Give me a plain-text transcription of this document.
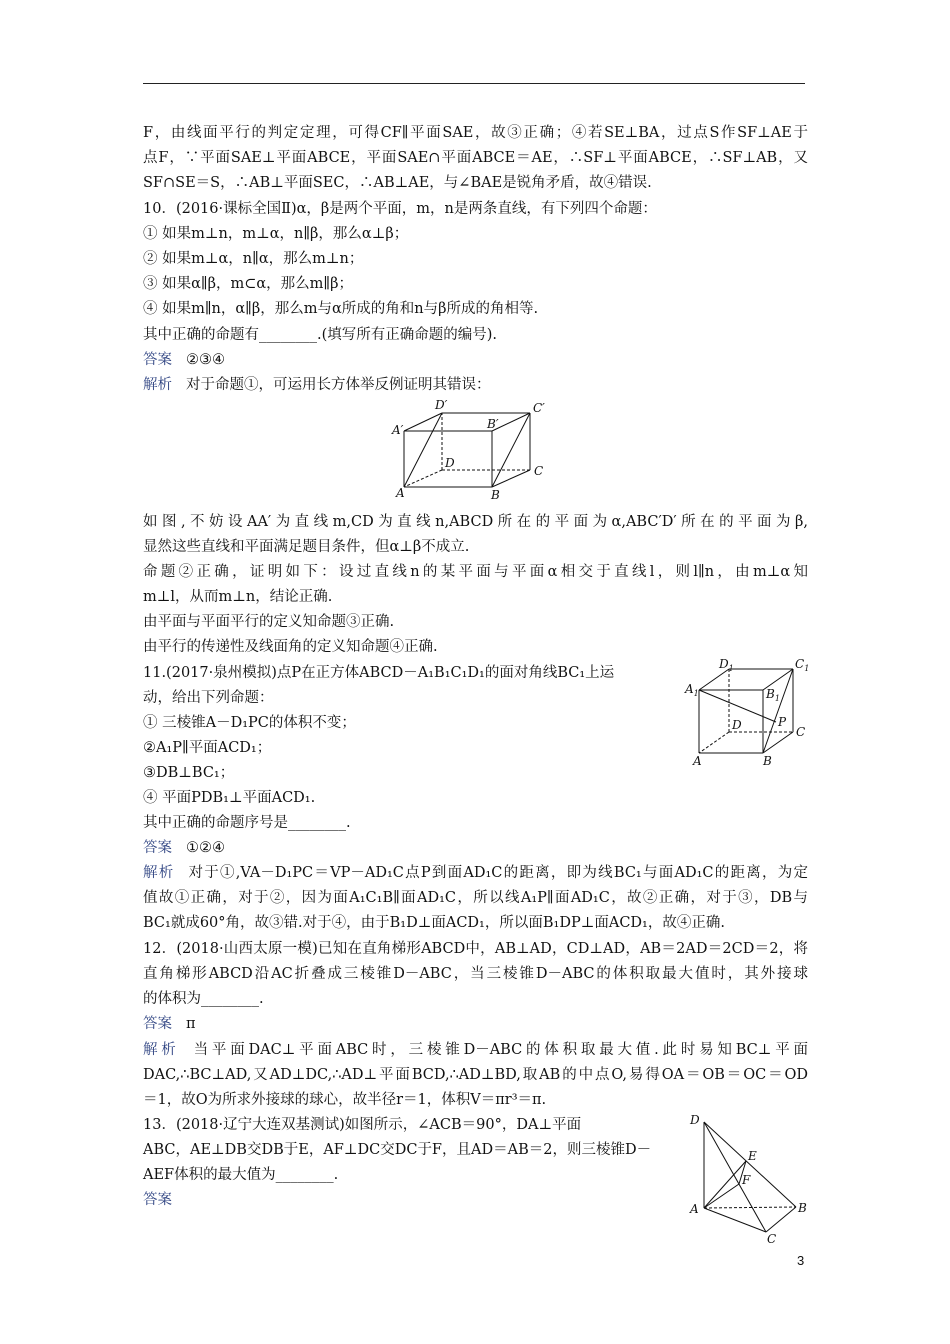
F，由线面平行的判定定理，可得CF∥平面SAE，故③正确；④若SE⊥BA，过点S作SF⊥AE于
点F，∵平面SAE⊥平面ABCE，平面SAE∩平面ABCE＝AE，∴SF⊥平面ABCE，∴SF⊥AB，又
SF∩SE＝S，∴AB⊥平面SEC，∴AB⊥AE，与∠BAE是锐角矛盾，故④错误.
10．(2016·课标全国Ⅱ)α，β是两个平面，m，n是两条直线，有下列四个命题：
① 如果m⊥n，m⊥α，n∥β，那么α⊥β；
② 如果m⊥α，n∥α，那么m⊥n；
③ 如果α∥β，m⊂α，那么m∥β；
④ 如果m∥n，α∥β，那么m与α所成的角和n与β所成的角相等.
其中正确的命题有________.(填写所有正确命题的编号).
答案 ②③④
解析 对于命题①，可运用长方体举反例证明其错误：
A′
D′	C′
B′
D
A	B
C
如图,不妨设AA′为直线m,CD为直线n,ABCD所在的平面为α,ABC′D′所在的平面为β,
显然这些直线和平面满足题目条件，但α⊥β不成立.
命题②正确，证明如下：设过直线n的某平面与平面α相交于直线l，则l∥n，由m⊥α知
m⊥l，从而m⊥n，结论正确.
由平面与平面平行的定义知命题③正确.
由平行的传递性及线面角的定义知命题④正确.
11.(2017·泉州模拟)点P在正方体ABCD－A₁B₁C₁D₁的面对角线BC₁上运
动，给出下列命题：
① 三棱锥A－D₁PC的体积不变；
②A₁P∥平面ACD₁；
③DB⊥BC₁；
④ 平面PDB₁⊥平面ACD₁.
其中正确的命题序号是________.
$D_1$	$C_1$
$A_1$	$B_1$
D	P
C
A	B
答案 ①②④
解析 对于①,VA－D₁PC＝VP－AD₁C点P到面AD₁C的距离，即为线BC₁与面AD₁C的距离，为定
值故①正确，对于②，因为面A₁C₁B∥面AD₁C，所以线A₁P∥面AD₁C，故②正确，对于③，DB与
BC₁就成60°角，故③错.对于④，由于B₁D⊥面ACD₁，所以面B₁DP⊥面ACD₁，故④正确.
12．(2018·山西太原一模)已知在直角梯形ABCD中，AB⊥AD，CD⊥AD，AB＝2AD＝2CD＝2，将
直角梯形ABCD沿AC折叠成三棱锥D－ABC，当三棱锥D－ABC的体积取最大值时，其外接球
的体积为________.
答案 π
解析 当平面DAC⊥平面ABC时，三棱锥D－ABC的体积取最大值.此时易知BC⊥平面
DAC,∴BC⊥AD,又AD⊥DC,∴AD⊥平面BCD,∴AD⊥BD,取AB的中点O,易得OA＝OB＝OC＝OD
＝1，故O为所求外接球的球心，故半径r＝1，体积V＝πr³＝π.
13．(2018·辽宁大连双基测试)如图所示，∠ACB＝90°，DA⊥平面
ABC，AE⊥DB交DB于E，AF⊥DC交DC于F，且AD＝AB＝2，则三棱锥D－
AEF体积的最大值为________.
答案
D
E
F
A	B
C
3
